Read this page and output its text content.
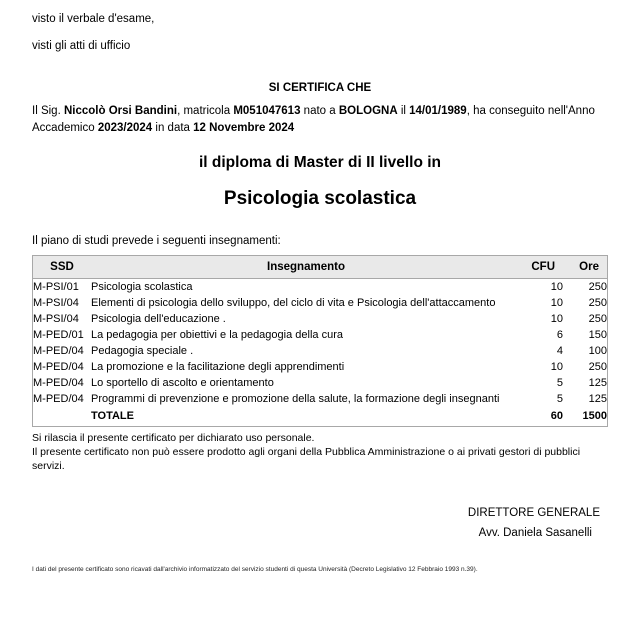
visto il verbale d'esame,
visti gli atti di ufficio
SI CERTIFICA CHE
Il Sig. Niccolò Orsi Bandini, matricola M051047613 nato a BOLOGNA il 14/01/1989, ha conseguito nell'Anno Accademico 2023/2024 in data 12 Novembre 2024
il diploma di Master di II livello in
Psicologia scolastica
Il piano di studi prevede i seguenti insegnamenti:
SSD	Insegnamento	CFU	Ore
M-PSI/01	Psicologia scolastica	10	250
M-PSI/04	Elementi di psicologia dello sviluppo, del ciclo di vita e Psicologia dell'attaccamento	10	250
M-PSI/04	Psicologia dell'educazione .	10	250
M-PED/01	La pedagogia per obiettivi e la pedagogia della cura	6	150
M-PED/04	Pedagogia speciale .	4	100
M-PED/04	La promozione e la facilitazione degli apprendimenti	10	250
M-PED/04	Lo sportello di ascolto e orientamento	5	125
M-PED/04	Programmi di prevenzione e promozione della salute, la formazione degli insegnanti	5	125
	TOTALE	60	1500
Si rilascia il presente certificato per dichiarato uso personale.
Il presente certificato non può essere prodotto agli organi della Pubblica Amministrazione o ai privati gestori di pubblici servizi.
DIRETTORE GENERALE
Avv. Daniela Sasanelli
I dati del presente certificato sono ricavati dall'archivio informatizzato del servizio studenti di questa Università (Decreto Legislativo 12 Febbraio 1993 n.39).
